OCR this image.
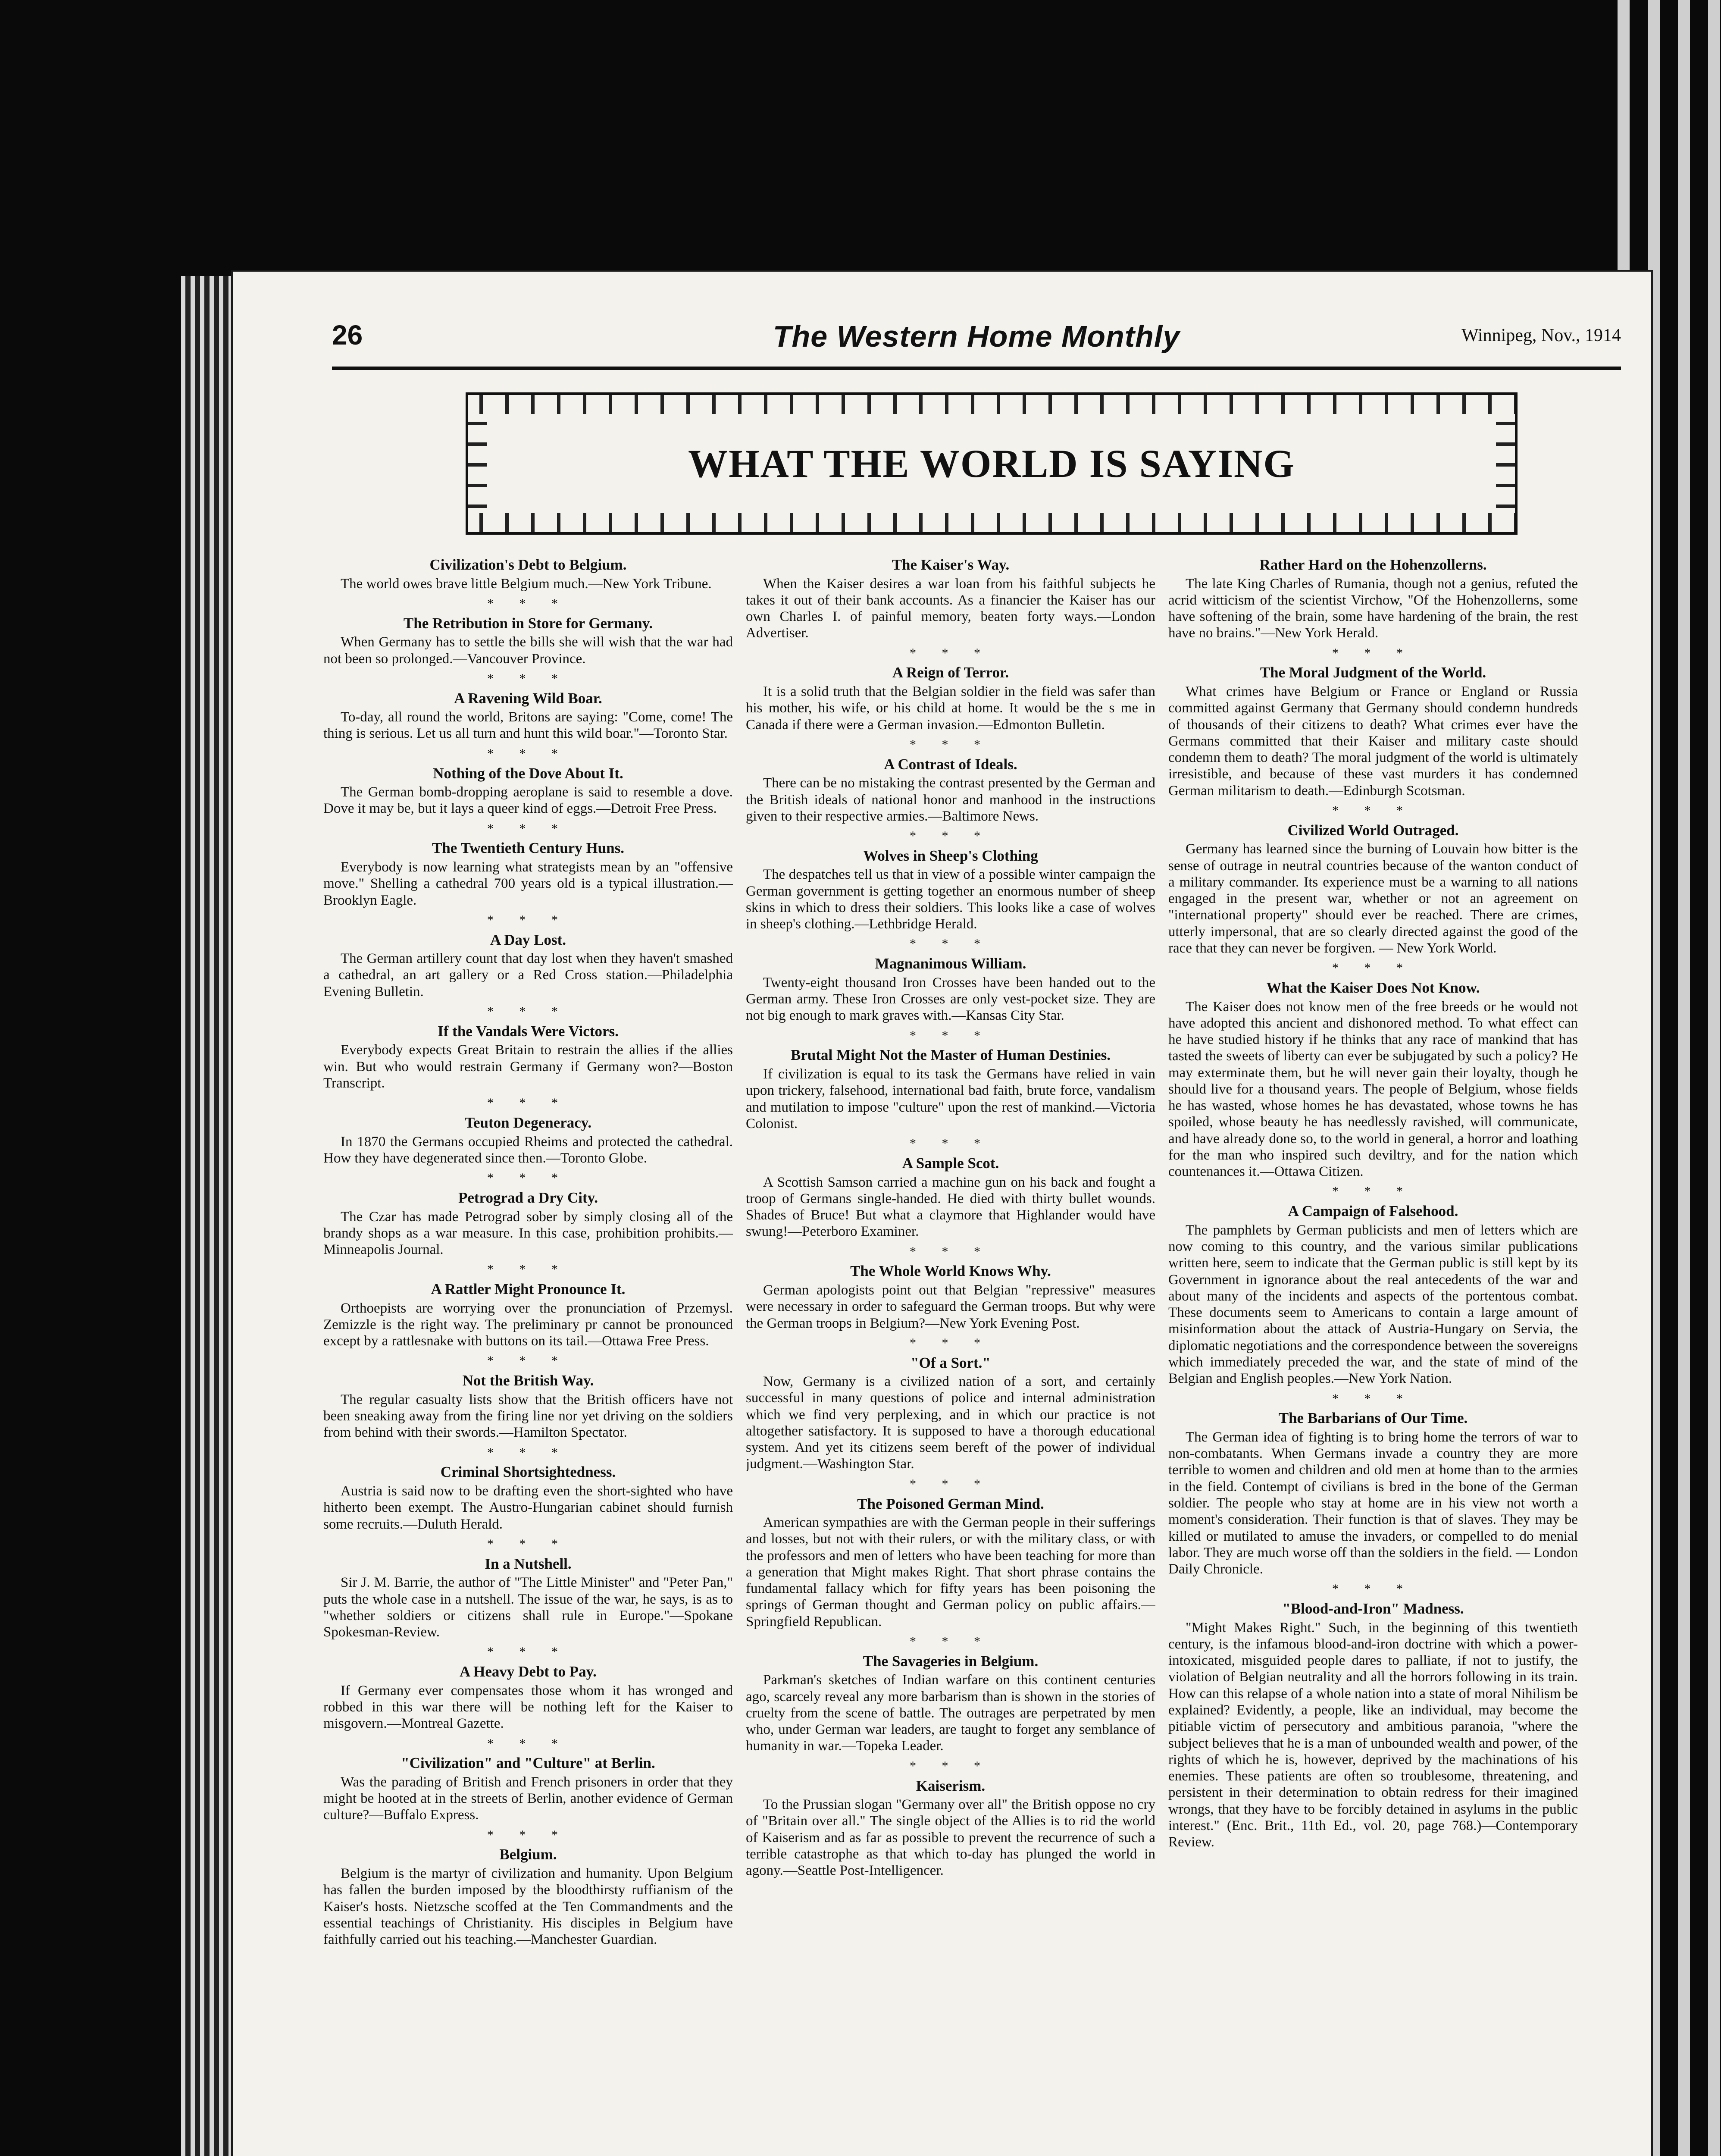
26	The Western Home Monthly	Winnipeg, Nov., 1914
WHAT THE WORLD IS SAYING
Civilization's Debt to Belgium.

The world owes brave little Belgium much.—New York Tribune.

* * *
The Retribution in Store for Germany.

When Germany has to settle the bills she will wish that the war had not been so prolonged.—Vancouver Province.

* * *
A Ravening Wild Boar.

To-day, all round the world, Britons are saying: "Come, come! The thing is serious. Let us all turn and hunt this wild boar."—Toronto Star.

* * *
Nothing of the Dove About It.

The German bomb-dropping aeroplane is said to resemble a dove. Dove it may be, but it lays a queer kind of eggs.—Detroit Free Press.

* * *
The Twentieth Century Huns.

Everybody is now learning what strategists mean by an "offensive move." Shelling a cathedral 700 years old is a typical illustration.—Brooklyn Eagle.

* * *
A Day Lost.

The German artillery count that day lost when they haven't smashed a cathedral, an art gallery or a Red Cross station.—Philadelphia Evening Bulletin.

* * *
If the Vandals Were Victors.

Everybody expects Great Britain to restrain the allies if the allies win. But who would restrain Germany if Germany won?—Boston Transcript.

* * *
Teuton Degeneracy.

In 1870 the Germans occupied Rheims and protected the cathedral. How they have degenerated since then.—Toronto Globe.

* * *
Petrograd a Dry City.

The Czar has made Petrograd sober by simply closing all of the brandy shops as a war measure. In this case, prohibition prohibits.—Minneapolis Journal.

* * *
A Rattler Might Pronounce It.

Orthoepists are worrying over the pronunciation of Przemysl. Zemizzle is the right way. The preliminary pr cannot be pronounced except by a rattlesnake with buttons on its tail.—Ottawa Free Press.

* * *
Not the British Way.

The regular casualty lists show that the British officers have not been sneaking away from the firing line nor yet driving on the soldiers from behind with their swords.—Hamilton Spectator.

* * *
Criminal Shortsightedness.

Austria is said now to be drafting even the short-sighted who have hitherto been exempt. The Austro-Hungarian cabinet should furnish some recruits.—Duluth Herald.

* * *
In a Nutshell.

Sir J. M. Barrie, the author of "The Little Minister" and "Peter Pan," puts the whole case in a nutshell. The issue of the war, he says, is as to "whether soldiers or citizens shall rule in Europe."—Spokane Spokesman-Review.

* * *
A Heavy Debt to Pay.

If Germany ever compensates those whom it has wronged and robbed in this war there will be nothing left for the Kaiser to misgovern.—Montreal Gazette.

* * *
"Civilization" and "Culture" at Berlin.

Was the parading of British and French prisoners in order that they might be hooted at in the streets of Berlin, another evidence of German culture?—Buffalo Express.

* * *
Belgium.

Belgium is the martyr of civilization and humanity. Upon Belgium has fallen the burden imposed by the bloodthirsty ruffianism of the Kaiser's hosts. Nietzsche scoffed at the Ten Commandments and the essential teachings of Christianity. His disciples in Belgium have faithfully carried out his teaching.—Manchester Guardian.

The Kaiser's Way.

When the Kaiser desires a war loan from his faithful subjects he takes it out of their bank accounts. As a financier the Kaiser has our own Charles I. of painful memory, beaten forty ways.—London Advertiser.

* * *
A Reign of Terror.

It is a solid truth that the Belgian soldier in the field was safer than his mother, his wife, or his child at home. It would be the s me in Canada if there were a German invasion.—Edmonton Bulletin.

* * *
A Contrast of Ideals.

There can be no mistaking the contrast presented by the German and the British ideals of national honor and manhood in the instructions given to their respective armies.—Baltimore News.

* * *
Wolves in Sheep's Clothing

The despatches tell us that in view of a possible winter campaign the German government is getting together an enormous number of sheep skins in which to dress their soldiers. This looks like a case of wolves in sheep's clothing.—Lethbridge Herald.

* * *
Magnanimous William.

Twenty-eight thousand Iron Crosses have been handed out to the German army. These Iron Crosses are only vest-pocket size. They are not big enough to mark graves with.—Kansas City Star.

* * *
Brutal Might Not the Master of Human Destinies.

If civilization is equal to its task the Germans have relied in vain upon trickery, falsehood, international bad faith, brute force, vandalism and mutilation to impose "culture" upon the rest of mankind.—Victoria Colonist.

* * *
A Sample Scot.

A Scottish Samson carried a machine gun on his back and fought a troop of Germans single-handed. He died with thirty bullet wounds. Shades of Bruce! But what a claymore that Highlander would have swung!—Peterboro Examiner.

* * *
The Whole World Knows Why.

German apologists point out that Belgian "repressive" measures were necessary in order to safeguard the German troops. But why were the German troops in Belgium?—New York Evening Post.

* * *
"Of a Sort."

Now, Germany is a civilized nation of a sort, and certainly successful in many questions of police and internal administration which we find very perplexing, and in which our practice is not altogether satisfactory. It is supposed to have a thorough educational system. And yet its citizens seem bereft of the power of individual judgment.—Washington Star.

* * *
The Poisoned German Mind.

American sympathies are with the German people in their sufferings and losses, but not with their rulers, or with the military class, or with the professors and men of letters who have been teaching for more than a generation that Might makes Right. That short phrase contains the fundamental fallacy which for fifty years has been poisoning the springs of German thought and German policy on public affairs.—Springfield Republican.

* * *
The Savageries in Belgium.

Parkman's sketches of Indian warfare on this continent centuries ago, scarcely reveal any more barbarism than is shown in the stories of cruelty from the scene of battle. The outrages are perpetrated by men who, under German war leaders, are taught to forget any semblance of humanity in war.—Topeka Leader.

* * *
Kaiserism.

To the Prussian slogan "Germany over all" the British oppose no cry of "Britain over all." The single object of the Allies is to rid the world of Kaiserism and as far as possible to prevent the recurrence of such a terrible catastrophe as that which to-day has plunged the world in agony.—Seattle Post-Intelligencer.

Rather Hard on the Hohenzollerns.

The late King Charles of Rumania, though not a genius, refuted the acrid witticism of the scientist Virchow, "Of the Hohenzollerns, some have softening of the brain, some have hardening of the brain, the rest have no brains."—New York Herald.

* * *
The Moral Judgment of the World.

What crimes have Belgium or France or England or Russia committed against Germany that Germany should condemn hundreds of thousands of their citizens to death? What crimes ever have the Germans committed that their Kaiser and military caste should condemn them to death? The moral judgment of the world is ultimately irresistible, and because of these vast murders it has condemned German militarism to death.—Edinburgh Scotsman.

* * *
Civilized World Outraged.

Germany has learned since the burning of Louvain how bitter is the sense of outrage in neutral countries because of the wanton conduct of a military commander. Its experience must be a warning to all nations engaged in the present war, whether or not an agreement on "international property" should ever be reached. There are crimes, utterly impersonal, that are so clearly directed against the good of the race that they can never be forgiven. — New York World.

* * *
What the Kaiser Does Not Know.

The Kaiser does not know men of the free breeds or he would not have adopted this ancient and dishonored method. To what effect can he have studied history if he thinks that any race of mankind that has tasted the sweets of liberty can ever be subjugated by such a policy? He may exterminate them, but he will never gain their loyalty, though he should live for a thousand years. The people of Belgium, whose fields he has wasted, whose homes he has devastated, whose towns he has spoiled, whose beauty he has needlessly ravished, will communicate, and have already done so, to the world in general, a horror and loathing for the man who inspired such deviltry, and for the nation which countenances it.—Ottawa Citizen.

* * *
A Campaign of Falsehood.

The pamphlets by German publicists and men of letters which are now coming to this country, and the various similar publications written here, seem to indicate that the German public is still kept by its Government in ignorance about the real antecedents of the war and about many of the incidents and aspects of the portentous combat. These documents seem to Americans to contain a large amount of misinformation about the attack of Austria-Hungary on Servia, the diplomatic negotiations and the correspondence between the sovereigns which immediately preceded the war, and the state of mind of the Belgian and English peoples.—New York Nation.

* * *
The Barbarians of Our Time.

The German idea of fighting is to bring home the terrors of war to non-combatants. When Germans invade a country they are more terrible to women and children and old men at home than to the armies in the field. Contempt of civilians is bred in the bone of the German soldier. The people who stay at home are in his view not worth a moment's consideration. Their function is that of slaves. They may be killed or mutilated to amuse the invaders, or compelled to do menial labor. They are much worse off than the soldiers in the field. — London Daily Chronicle.

* * *
"Blood-and-Iron" Madness.

"Might Makes Right." Such, in the beginning of this twentieth century, is the infamous blood-and-iron doctrine with which a power-intoxicated, misguided people dares to palliate, if not to justify, the violation of Belgian neutrality and all the horrors following in its train. How can this relapse of a whole nation into a state of moral Nihilism be explained? Evidently, a people, like an individual, may become the pitiable victim of persecutory and ambitious paranoia, "where the subject believes that he is a man of unbounded wealth and power, of the rights of which he is, however, deprived by the machinations of his enemies. These patients are often so troublesome, threatening, and persistent in their determination to obtain redress for their imagined wrongs, that they have to be forcibly detained in asylums in the public interest." (Enc. Brit., 11th Ed., vol. 20, page 768.)—Contemporary Review.
